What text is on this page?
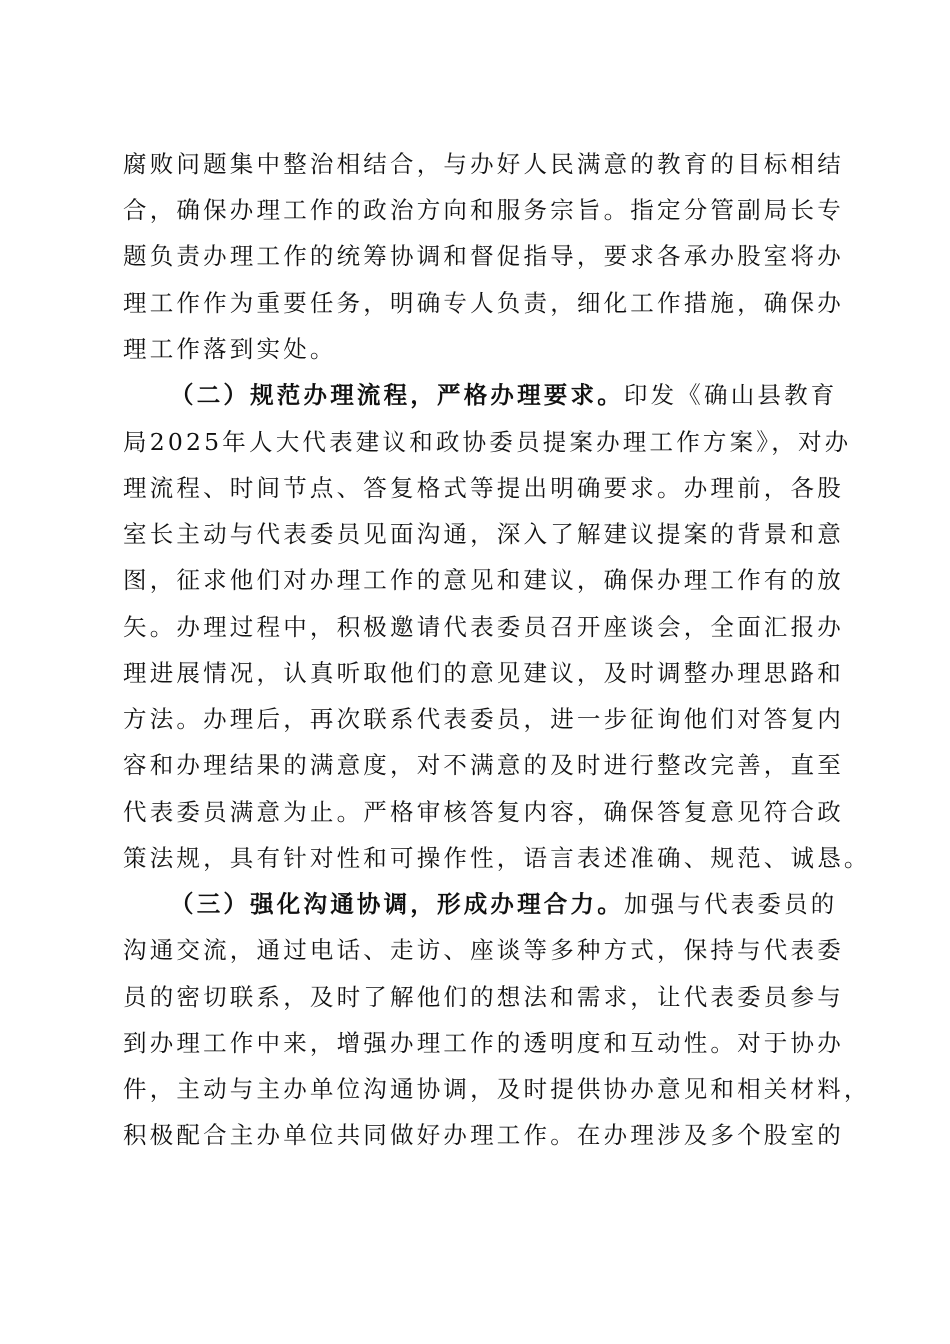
腐败问题集中整治相结合，与办好人民满意的教育的目标相结
合，确保办理工作的政治方向和服务宗旨。指定分管副局长专
题负责办理工作的统筹协调和督促指导，要求各承办股室将办
理工作作为重要任务，明确专人负责，细化工作措施，确保办
理工作落到实处。
（二）规范办理流程，严格办理要求。印发《确山县教育
局2025年人大代表建议和政协委员提案办理工作方案》，对办
理流程、时间节点、答复格式等提出明确要求。办理前，各股
室长主动与代表委员见面沟通，深入了解建议提案的背景和意
图，征求他们对办理工作的意见和建议，确保办理工作有的放
矢。办理过程中，积极邀请代表委员召开座谈会，全面汇报办
理进展情况，认真听取他们的意见建议，及时调整办理思路和
方法。办理后，再次联系代表委员，进一步征询他们对答复内
容和办理结果的满意度，对不满意的及时进行整改完善，直至
代表委员满意为止。严格审核答复内容，确保答复意见符合政
策法规，具有针对性和可操作性，语言表述准确、规范、诚恳。
（三）强化沟通协调，形成办理合力。加强与代表委员的
沟通交流，通过电话、走访、座谈等多种方式，保持与代表委
员的密切联系，及时了解他们的想法和需求，让代表委员参与
到办理工作中来，增强办理工作的透明度和互动性。对于协办
件，主动与主办单位沟通协调，及时提供协办意见和相关材料，
积极配合主办单位共同做好办理工作。在办理涉及多个股室的
